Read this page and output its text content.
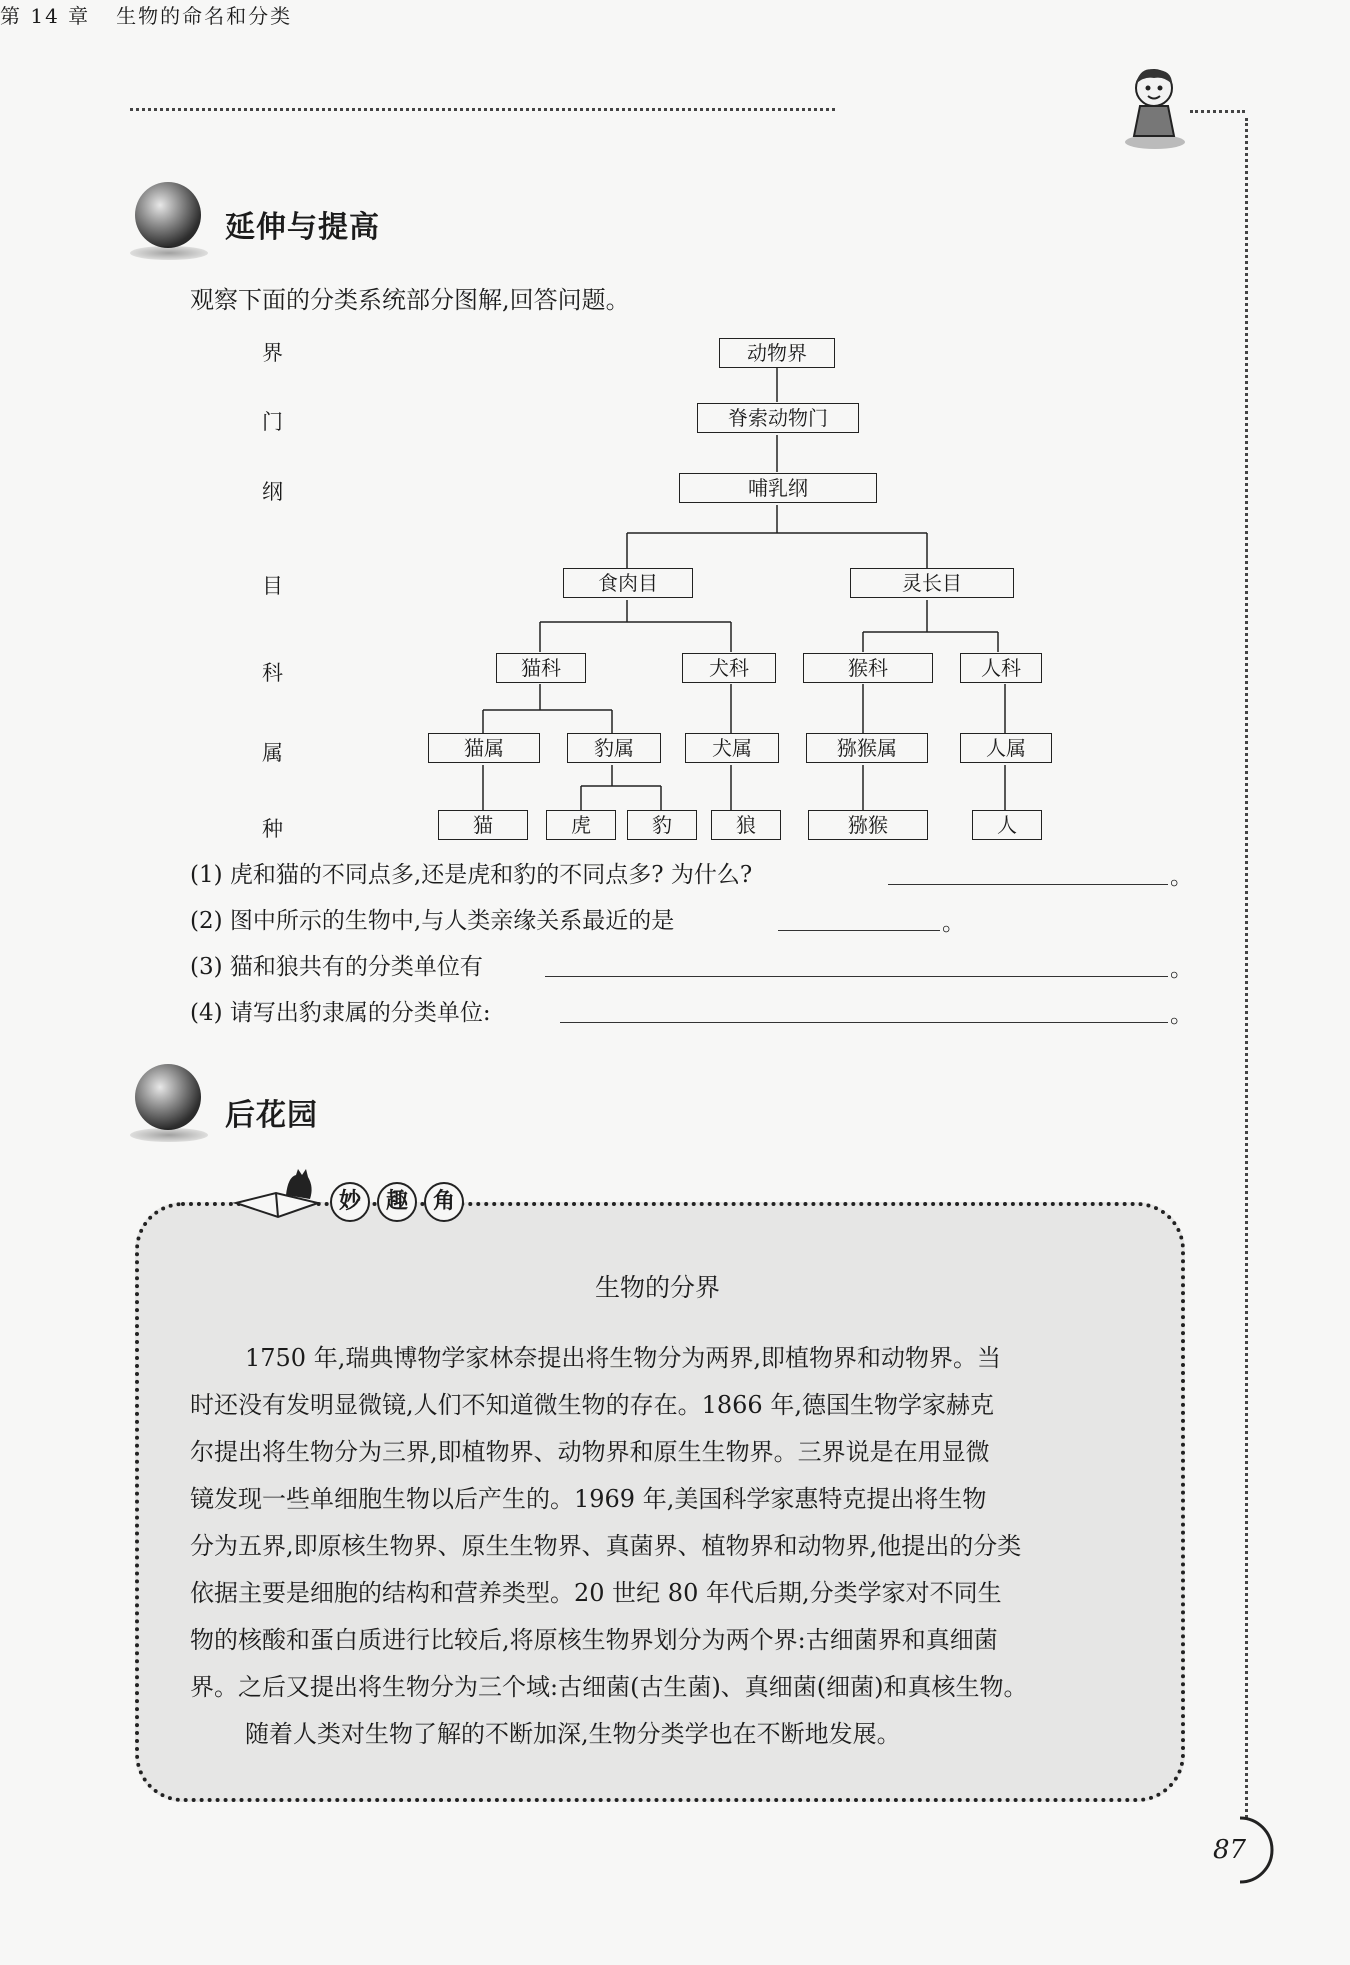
第 14 章 生物的命名和分类
延伸与提高
观察下面的分类系统部分图解,回答问题。
界
门
纲
目
科
属
种
动物界
脊索动物门
哺乳纲
食肉目	灵长目
猫科	犬科	猴科	人科
猫属	豹属	犬属	猕猴属	人属
猫	虎	豹	狼	猕猴	人
(1) 虎和猫的不同点多,还是虎和豹的不同点多? 为什么?	。
(2) 图中所示的生物中,与人类亲缘关系最近的是	。
(3) 猫和狼共有的分类单位有	。
(4) 请写出豹隶属的分类单位:	。
后花园
妙	趣	角
生物的分界
1750 年,瑞典博物学家林奈提出将生物分为两界,即植物界和动物界。当
时还没有发明显微镜,人们不知道微生物的存在。1866 年,德国生物学家赫克
尔提出将生物分为三界,即植物界、动物界和原生生物界。三界说是在用显微
镜发现一些单细胞生物以后产生的。1969 年,美国科学家惠特克提出将生物
分为五界,即原核生物界、原生生物界、真菌界、植物界和动物界,他提出的分类
依据主要是细胞的结构和营养类型。20 世纪 80 年代后期,分类学家对不同生
物的核酸和蛋白质进行比较后,将原核生物界划分为两个界:古细菌界和真细菌
界。之后又提出将生物分为三个域:古细菌(古生菌)、真细菌(细菌)和真核生物。
随着人类对生物了解的不断加深,生物分类学也在不断地发展。
87
